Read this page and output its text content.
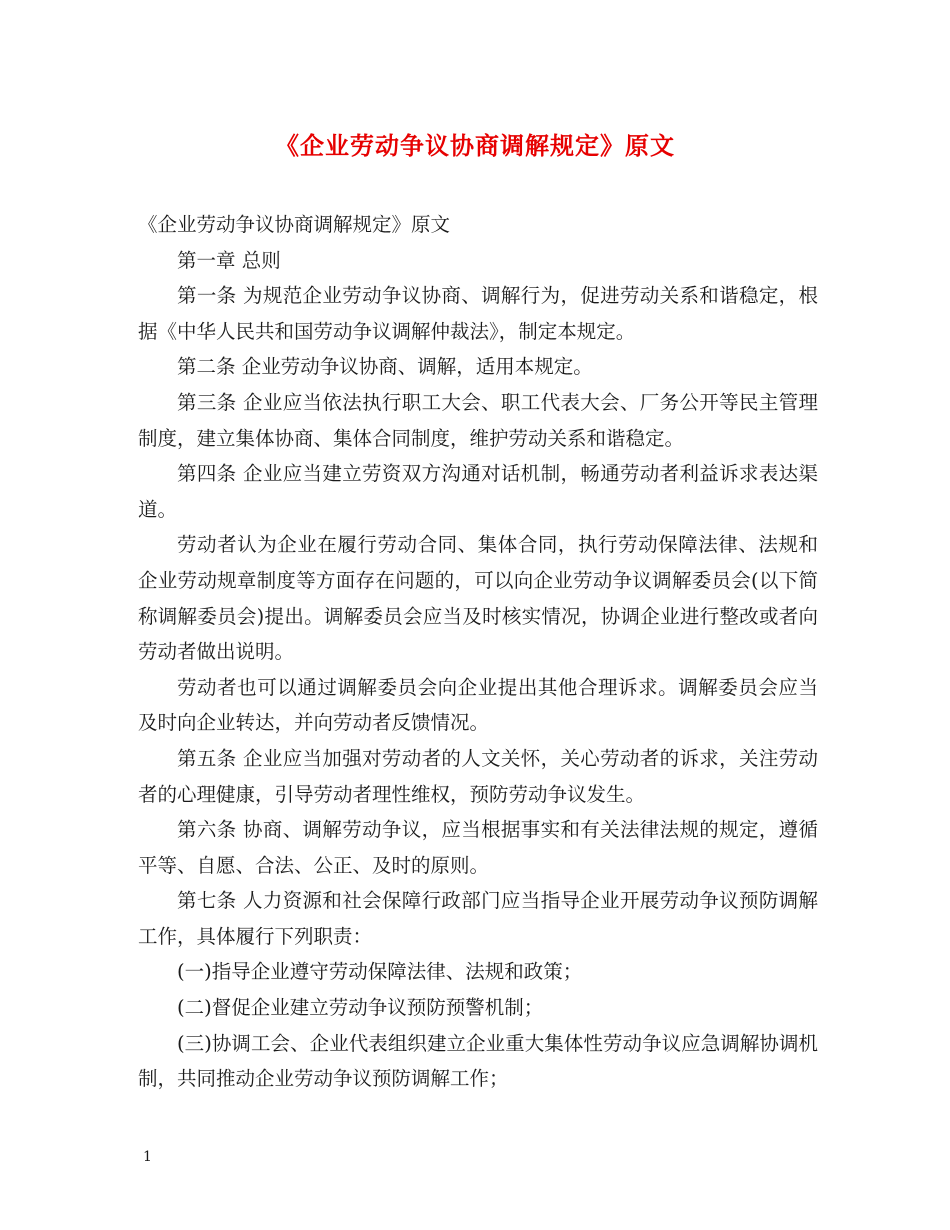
《企业劳动争议协商调解规定》原文

《企业劳动争议协商调解规定》原文

第一章 总则

第一条 为规范企业劳动争议协商、调解行为，促进劳动关系和谐稳定，根据《中华人民共和国劳动争议调解仲裁法》，制定本规定。

第二条 企业劳动争议协商、调解，适用本规定。

第三条 企业应当依法执行职工大会、职工代表大会、厂务公开等民主管理制度，建立集体协商、集体合同制度，维护劳动关系和谐稳定。

第四条 企业应当建立劳资双方沟通对话机制，畅通劳动者利益诉求表达渠道。

劳动者认为企业在履行劳动合同、集体合同，执行劳动保障法律、法规和企业劳动规章制度等方面存在问题的，可以向企业劳动争议调解委员会(以下简称调解委员会)提出。调解委员会应当及时核实情况，协调企业进行整改或者向劳动者做出说明。

劳动者也可以通过调解委员会向企业提出其他合理诉求。调解委员会应当及时向企业转达，并向劳动者反馈情况。

第五条 企业应当加强对劳动者的人文关怀，关心劳动者的诉求，关注劳动者的心理健康，引导劳动者理性维权，预防劳动争议发生。

第六条 协商、调解劳动争议，应当根据事实和有关法律法规的规定，遵循平等、自愿、合法、公正、及时的原则。

第七条 人力资源和社会保障行政部门应当指导企业开展劳动争议预防调解工作，具体履行下列职责：

(一)指导企业遵守劳动保障法律、法规和政策；

(二)督促企业建立劳动争议预防预警机制；

(三)协调工会、企业代表组织建立企业重大集体性劳动争议应急调解协调机制，共同推动企业劳动争议预防调解工作；

1
